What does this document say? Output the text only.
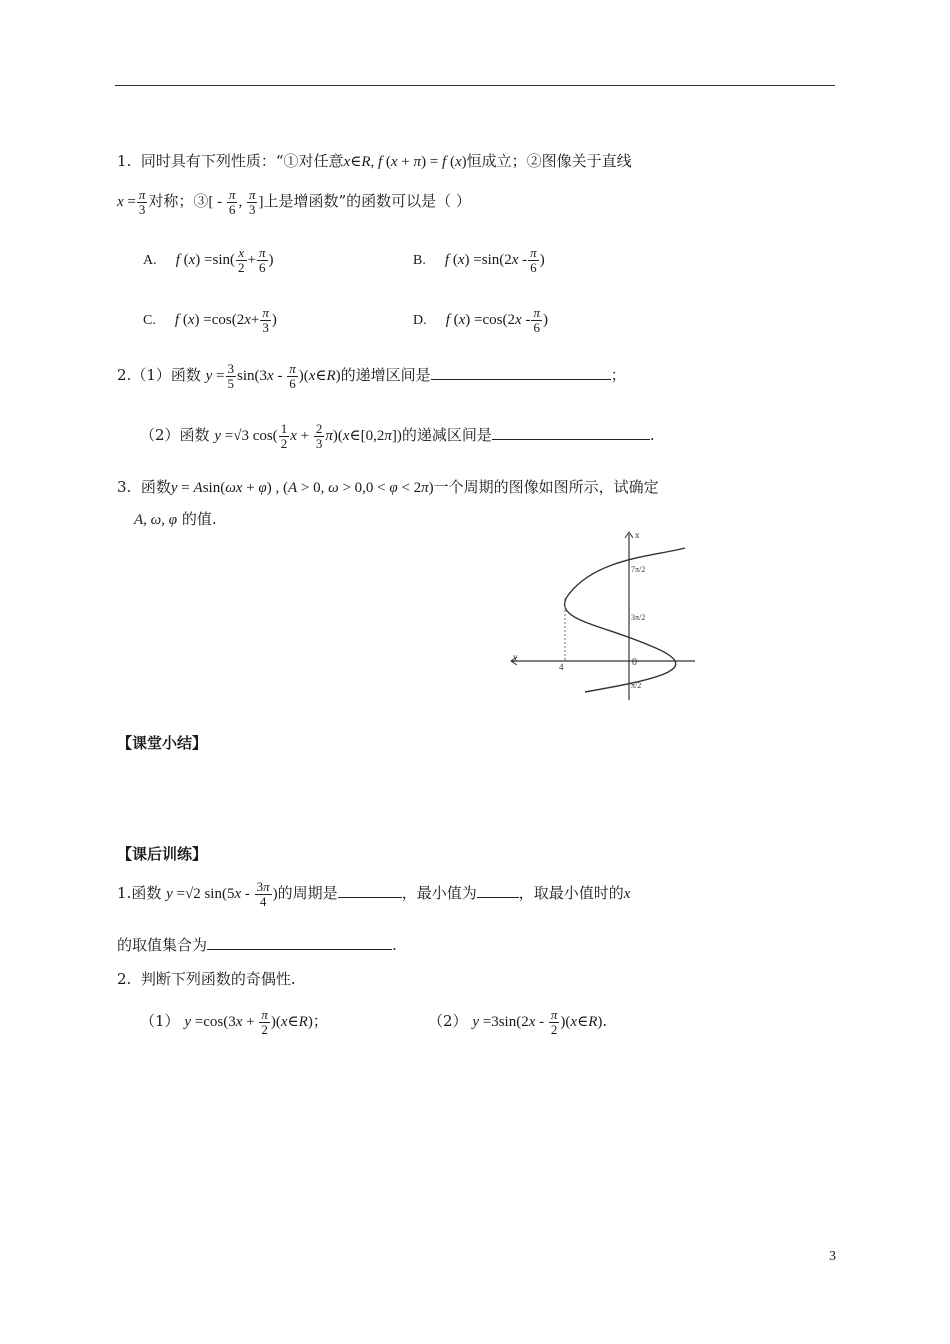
1. 同时具有下列性质：“①对任意x∈R, f (x + π) = f (x)恒成立；②图像关于直线
$x = \frac{\pi}{3}$ 对称；③[ - $\frac{\pi}{6}$ , $\frac{\pi}{3}$ ]上是增函数”的函数可以是（ ）
A. f $(x) =\sin( \frac{x}{2} + \frac{\pi}{6}$ )	B. f $(x) =\sin(2x - \frac{\pi}{6}$ )
C. f $(x) =\cos(2x+ \frac{\pi}{3}$ )	D. f $(x) =\cos(2x - \frac{\pi}{6}$ )
2.（1）函数 $y = \frac{3}{5} \sin(3x - \frac{\pi}{6}$ )(x∈R)的递增区间是	；
（2）函数 y =√3 $\cos( \frac{1}{2}$ $x + \frac{2}{3}$ π)(x∈[0,2π])的递减区间是	.
3. 函数y = Asin(ωx + φ) , (A > 0, ω > 0,0 < φ < 2π)一个周期的图像如图所示，试确定
A, ω, φ 的值.
0
x
y
4
7π/2
3π/2
π/2
【课堂小结】
【课后训练】
1.函数 y =√2 $\sin(5x - \frac{3\pi}{4}$ )的周期是	，最小值为	，取最小值时的x
的取值集合为	.
2. 判断下列函数的奇偶性.
（1） $y =\cos(3x + \frac{\pi}{2}$ )(x∈R)；	（2） $y =3\sin(2x - \frac{\pi}{2}$ )(x∈R).
3
